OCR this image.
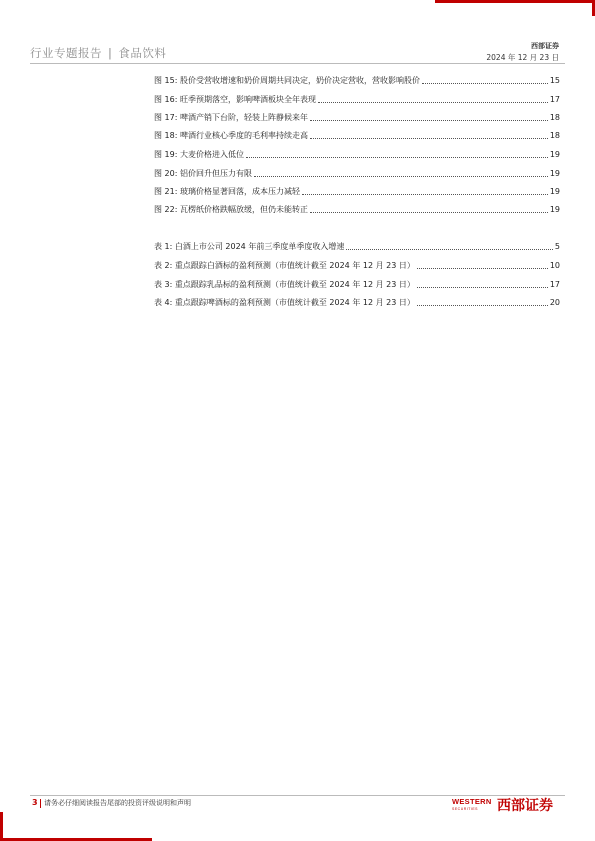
行业专题报告 | 食品饮料	西部证券
2024 年 12 月 23 日
图 15: 股价受营收增速和奶价周期共同决定，奶价决定营收，营收影响股价	15
图 16: 旺季预期落空，影响啤酒板块全年表现	17
图 17: 啤酒产销下台阶，轻装上阵静候来年	18
图 18: 啤酒行业核心季度的毛利率持续走高	18
图 19: 大麦价格进入低位	19
图 20: 铝价回升但压力有限	19
图 21: 玻璃价格显著回落，成本压力减轻	19
图 22: 瓦楞纸价格跌幅放缓，但仍未能转正	19
表 1: 白酒上市公司 2024 年前三季度单季度收入增速	5
表 2: 重点跟踪白酒标的盈利预测（市值统计截至 2024 年 12 月 23 日）	10
表 3: 重点跟踪乳品标的盈利预测（市值统计截至 2024 年 12 月 23 日）	17
表 4: 重点跟踪啤酒标的盈利预测（市值统计截至 2024 年 12 月 23 日）	20
3 请务必仔细阅读报告尾部的投资评级说明和声明	WESTERN
SECURITIES 西部证券
